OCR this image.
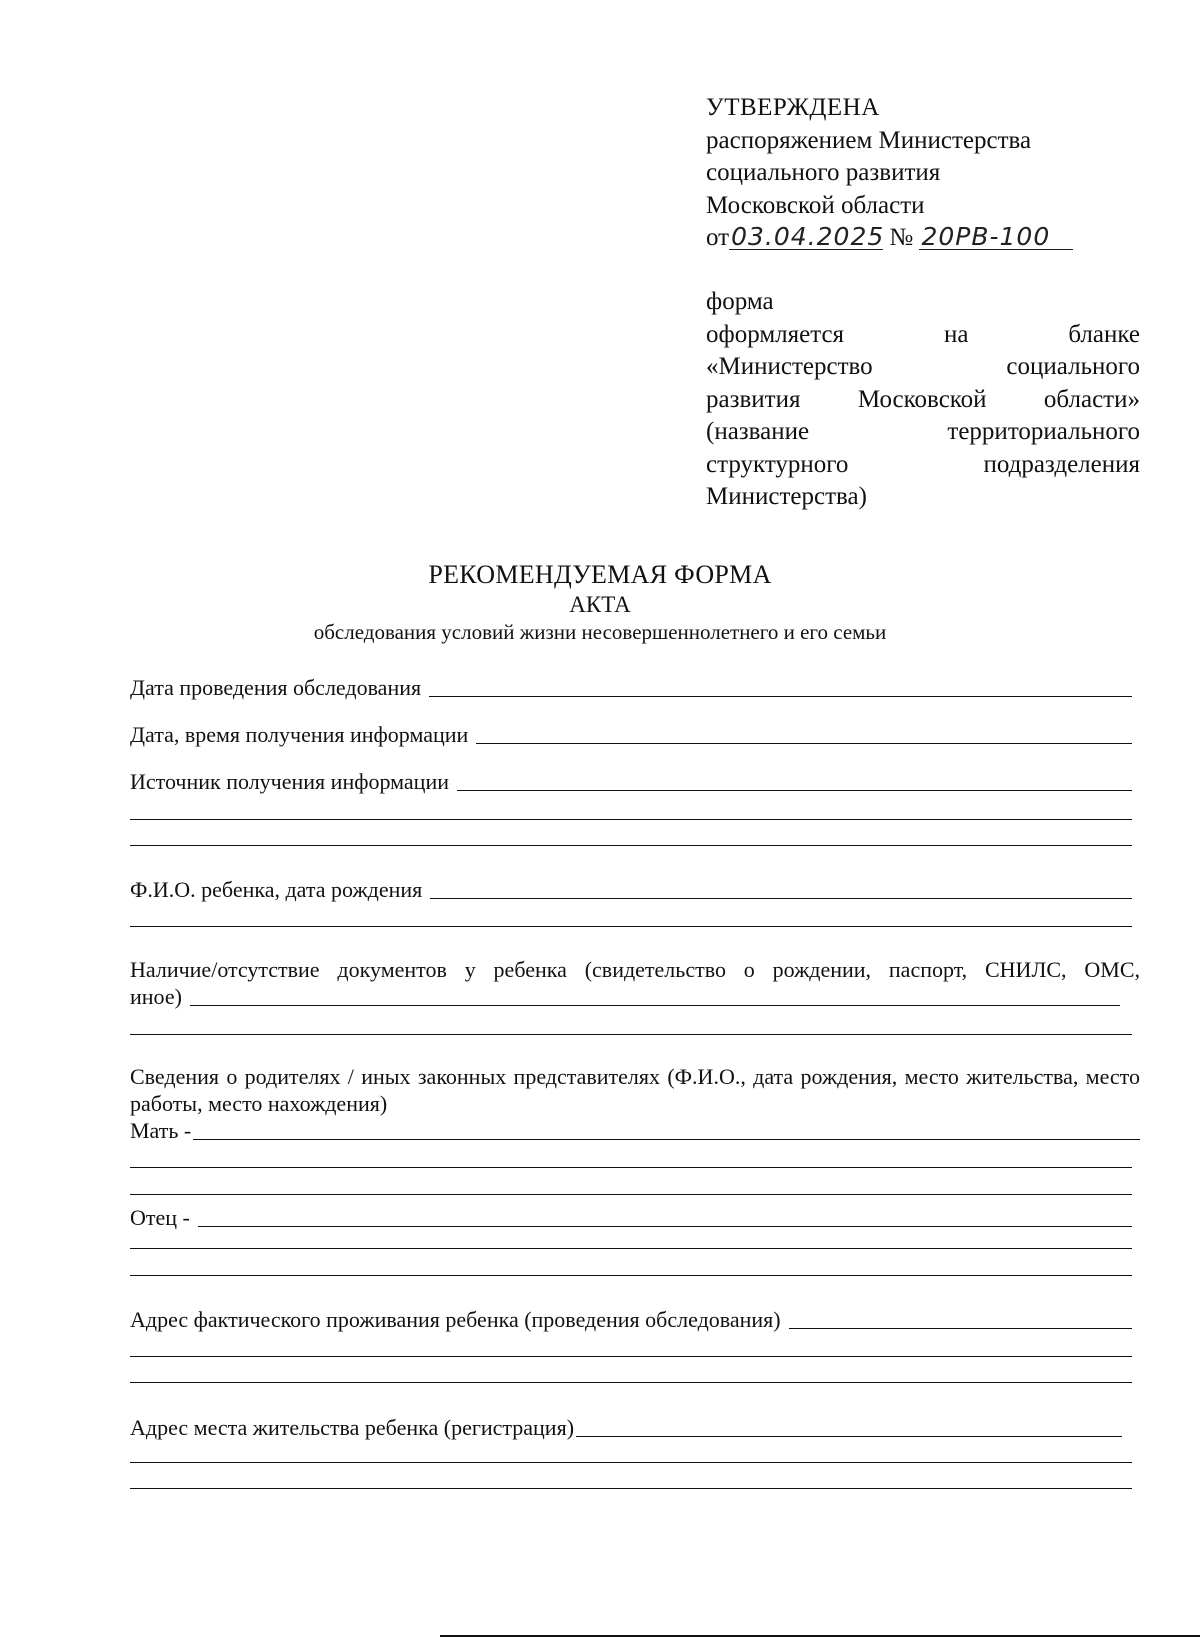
УТВЕРЖДЕНА
распоряжением Министерства
социального развития
Московской области
от03.04.2025 № 20РВ-100
форма
оформляется на бланке
«Министерство социального
развития Московской области»
(название территориального
структурного подразделения
Министерства)
РЕКОМЕНДУЕМАЯ ФОРМА
АКТА
обследования условий жизни несовершеннолетнего и его семьи
Дата проведения обследования
Дата, время получения информации
Источник получения информации
Ф.И.О. ребенка, дата рождения
Наличие/отсутствие документов у ребенка (свидетельство о рождении, паспорт, СНИЛС, ОМС,
иное)
Сведения о родителях / иных законных представителях (Ф.И.О., дата рождения, место жительства, место работы, место нахождения)
Мать -
Отец -
Адрес фактического проживания ребенка (проведения обследования)
Адрес места жительства ребенка (регистрация)
